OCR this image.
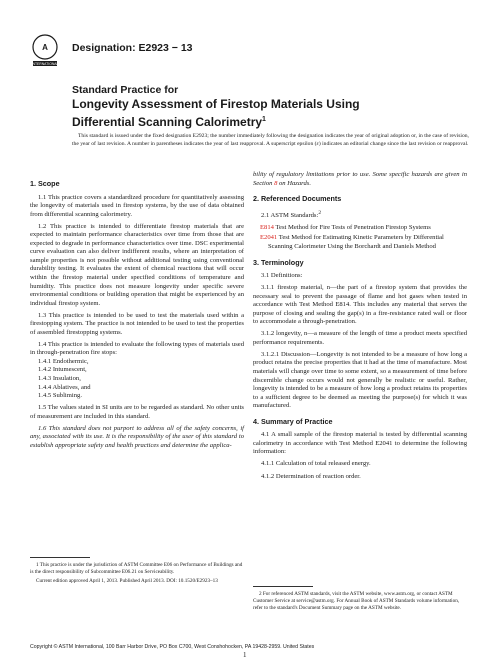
A
INTERNATIONAL
Designation: E2923 − 13
Standard Practice for
Longevity Assessment of Firestop Materials Using
Differential Scanning Calorimetry$^1$
This standard is issued under the fixed designation E2923; the number immediately following the designation indicates the year of original adoption or, in the case of revision, the year of last revision. A number in parentheses indicates the year of last reapproval. A superscript epsilon (ε) indicates an editorial change since the last revision or reapproval.
1. Scope

1.1 This practice covers a standardized procedure for quantitatively assessing the longevity of materials used in firestop systems, by the use of data obtained from differential scanning calorimetry.

1.2 This practice is intended to differentiate firestop materials that are expected to maintain performance characteristics over time from those that are expected to degrade in performance characteristics over time. DSC experimental curve evaluation can also deliver indifferent results, where an interpretation of sample properties is not possible without additional testing using conventional durability testing. It evaluates the extent of chemical reactions that will occur within the firestop material under specified conditions of temperature and humidity. This practice does not measure longevity under specific severe environmental conditions or building operation that might be experienced by an individual firestop system.

1.3 This practice is intended to be used to test the materials used within a firestopping system. The practice is not intended to be used to test the properties of assembled firestopping systems.

1.4 This practice is intended to evaluate the following types of materials used in through-penetration fire stops:

1.4.1 Endothermic,

1.4.2 Intumescent,

1.4.3 Insulation,

1.4.4 Ablatives, and

1.4.5 Subliming.

1.5 The values stated in SI units are to be regarded as standard. No other units of measurement are included in this standard.

1.6 This standard does not purport to address all of the safety concerns, if any, associated with its use. It is the responsibility of the user of this standard to establish appropriate safety and health practices and determine the applica-

bility of regulatory limitations prior to use. Some specific hazards are given in Section 8 on Hazards.

2. Referenced Documents

2.1 ASTM Standards:$^2$

E814 Test Method for Fire Tests of Penetration Firestop Systems

E2041 Test Method for Estimating Kinetic Parameters by Differential Scanning Calorimeter Using the Borchardt and Daniels Method

3. Terminology

3.1 Definitions:

3.1.1 firestop material, n—the part of a firestop system that provides the necessary seal to prevent the passage of flame and hot gases when tested in accordance with Test Method E814. This includes any material that serves the purpose of closing and sealing the gap(s) in a fire-resistance rated wall or floor to accommodate a through-penetration.

3.1.2 longevity, n—a measure of the length of time a product meets specified performance requirements.

3.1.2.1 Discussion—Longevity is not intended to be a measure of how long a product retains the precise properties that it had at the time of manufacture. Most materials will change over time to some extent, so a measurement of time before discernible change occurs would not generally be realistic or useful. Rather, longevity is intended to be a measure of how long a product retains its properties to a sufficient degree to be deemed as meeting the purpose(s) for which it was manufactured.

4. Summary of Practice

4.1 A small sample of the firestop material is tested by differential scanning calorimetry in accordance with Test Method E2041 to determine the following information:

4.1.1 Calculation of total released energy.

4.1.2 Determination of reaction order.

1 This practice is under the jurisdiction of ASTM Committee E06 on Performance of Buildings and is the direct responsibility of Subcommittee E06.21 on Serviceability.

Current edition approved April 1, 2013. Published April 2013. DOI: 10.1520/E2923–13

2 For referenced ASTM standards, visit the ASTM website, www.astm.org, or contact ASTM Customer Service at service@astm.org. For Annual Book of ASTM Standards volume information, refer to the standard's Document Summary page on the ASTM website.

Copyright © ASTM International, 100 Barr Harbor Drive, PO Box C700, West Conshohocken, PA 19428-2959. United States
1
